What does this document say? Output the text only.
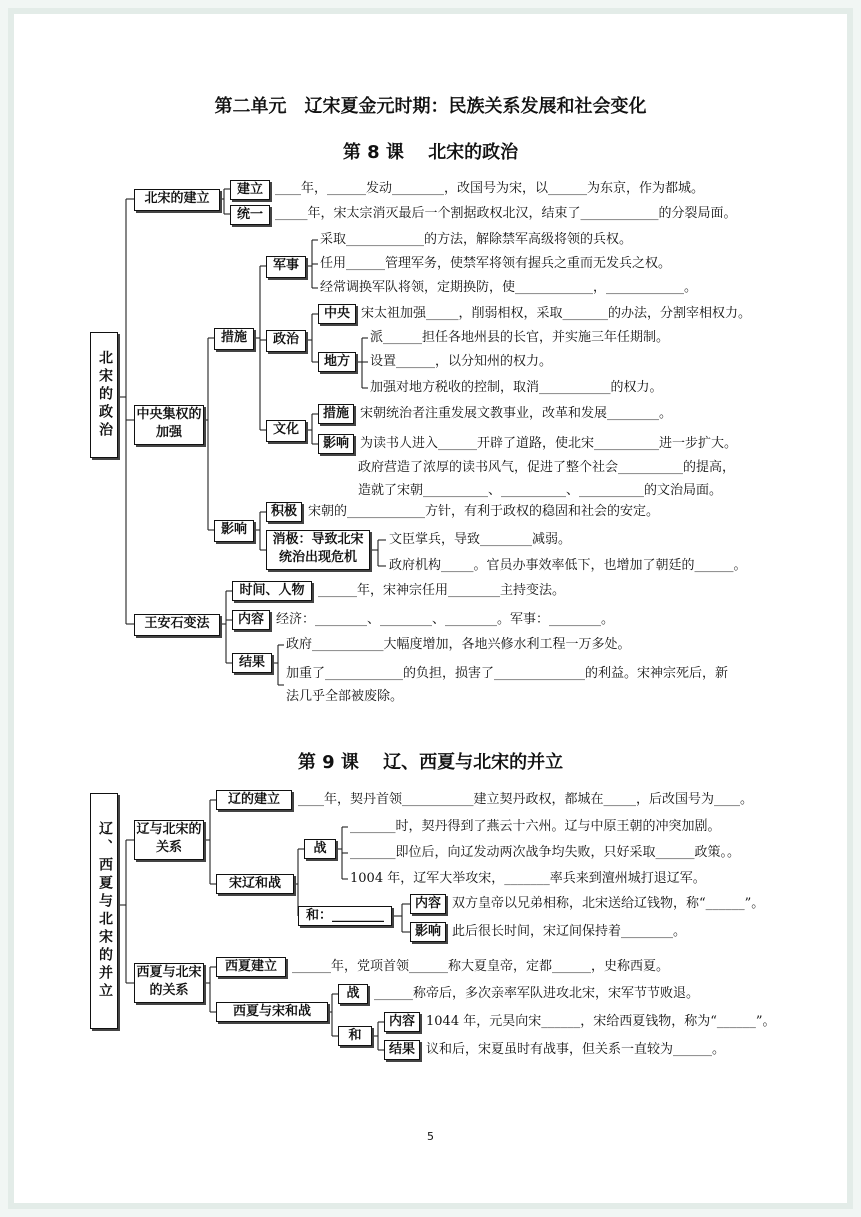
第二单元　辽宋夏金元时期：民族关系发展和社会变化
第 8 课　 北宋的政治
北宋的政治
北宋的建立
建立
统一
中央集权的加强
措施
军事
政治
中央
地方
文化
措施
影响
影响
积极
消极：导致北宋统治出现危机
王安石变法
时间、人物
内容
结果
____年，______发动________，改国号为宋，以______为东京，作为都城。
_____年，宋太宗消灭最后一个割据政权北汉，结束了____________的分裂局面。
采取____________的方法，解除禁军高级将领的兵权。
任用______管理军务，使禁军将领有握兵之重而无发兵之权。
经常调换军队将领，定期换防，使____________，____________。
宋太祖加强_____，削弱相权，采取_______的办法，分割宰相权力。
派______担任各地州县的长官，并实施三年任期制。
设置______，以分知州的权力。
加强对地方税收的控制，取消___________的权力。
宋朝统治者注重发展文教事业，改革和发展________。
为读书人进入______开辟了道路，使北宋__________进一步扩大。
政府营造了浓厚的读书风气，促进了整个社会__________的提高，
造就了宋朝__________、__________、__________的文治局面。
宋朝的____________方针，有利于政权的稳固和社会的安定。
文臣掌兵，导致________减弱。
政府机构_____。官员办事效率低下，也增加了朝廷的______。
______年，宋神宗任用________主持变法。
经济：________、________、________。军事：________。
政府___________大幅度增加，各地兴修水利工程一万多处。
加重了____________的负担，损害了______________的利益。宋神宗死后，新
法几乎全部被废除。
第 9 课　 辽、西夏与北宋的并立
辽、西夏与北宋的并立	辽与北宋的关系
辽的建立
宋辽和战
战
和：________
内容
影响
西夏与北宋的关系
西夏建立
西夏与宋和战
战
和
内容
结果
____年，契丹首领___________建立契丹政权，都城在_____，后改国号为____。
_______时，契丹得到了燕云十六州。辽与中原王朝的冲突加剧。
_______即位后，向辽发动两次战争均失败，只好采取______政策。。
1004 年，辽军大举攻宋，_______率兵来到澶州城打退辽军。
双方皇帝以兄弟相称，北宋送给辽钱物，称“______”。
此后很长时间，宋辽间保持着________。
______年，党项首领______称大夏皇帝，定都______，史称西夏。
______称帝后，多次亲率军队进攻北宋，宋军节节败退。
1044 年，元昊向宋______，宋给西夏钱物，称为“______”。
议和后，宋夏虽时有战事，但关系一直较为______。
5
